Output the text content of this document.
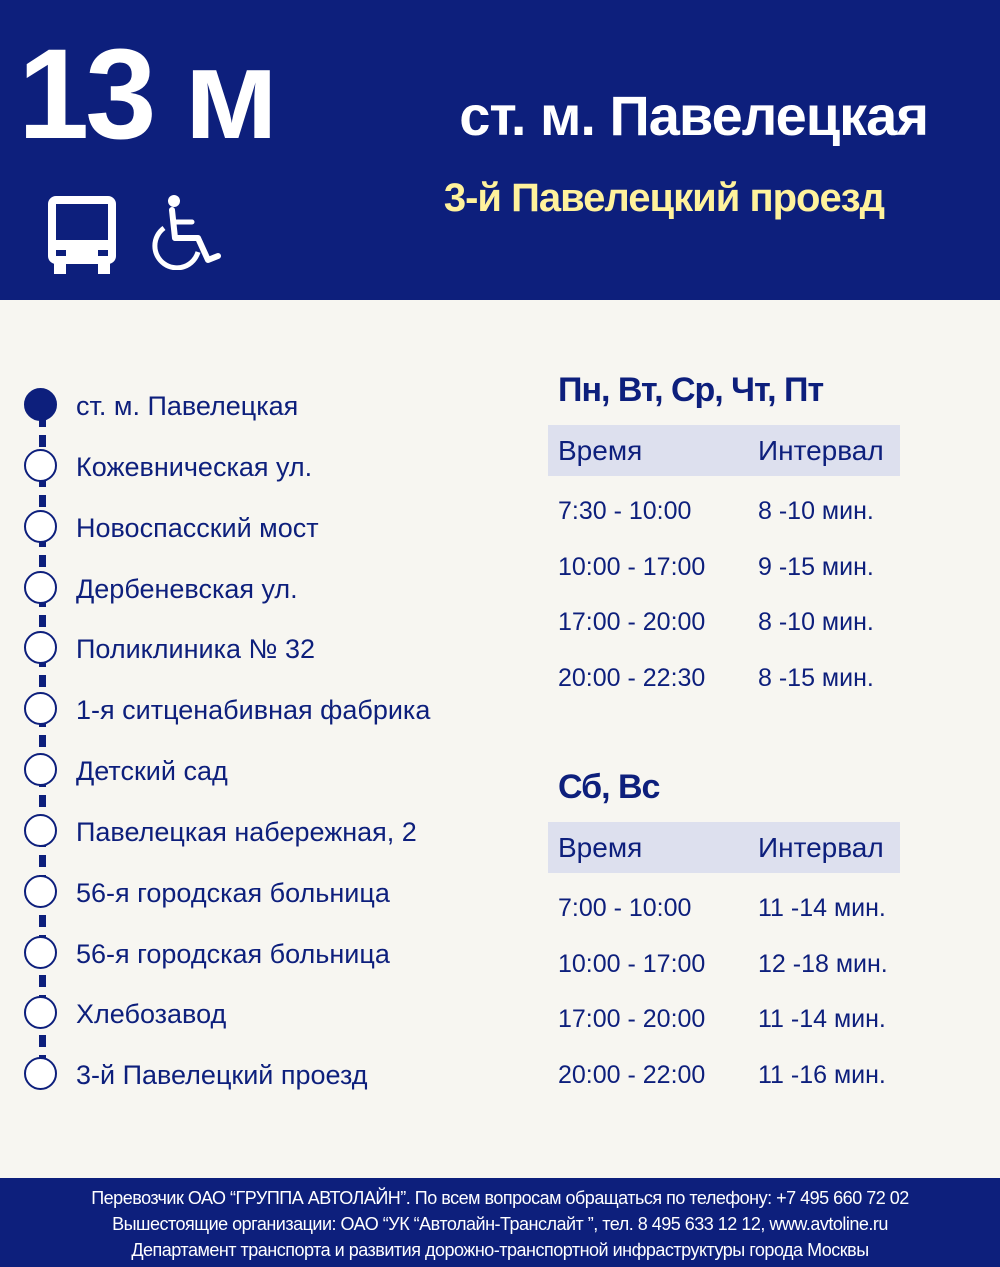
13 м	ст. м. Павелецкая
3-й Павелецкий проезд
ст. м. Павелецкая
Кожевническая ул.
Новоспасский мост
Дербеневская ул.
Поликлиника № 32
1-я ситценабивная фабрика
Детский сад
Павелецкая набережная, 2
56-я городская больница
56-я городская больница
Хлебозавод
3-й Павелецкий проезд
Пн, Вт, Ср, Чт, Пт
Время	Интервал
7:30 - 10:00	8 -10 мин.
10:00 - 17:00 9 -15 мин.
17:00 - 20:00 8 -10 мин.
20:00 - 22:30 8 -15 мин.
Сб, Вс
Время	Интервал
7:00 - 10:00	11 -14 мин.
10:00 - 17:00 12 -18 мин.
17:00 - 20:00 11 -14 мин.
20:00 - 22:00 11 -16 мин.
Перевозчик ОАО “ГРУППА АВТОЛАЙН”. По всем вопросам обращаться по телефону: +7 495 660 72 02
Вышестоящие организации: ОАО “УК “Автолайн-Транслайт ”, тел. 8 495 633 12 12, www.avtoline.ru
Департамент транспорта и развития дорожно-транспортной инфраструктуры города Москвы
